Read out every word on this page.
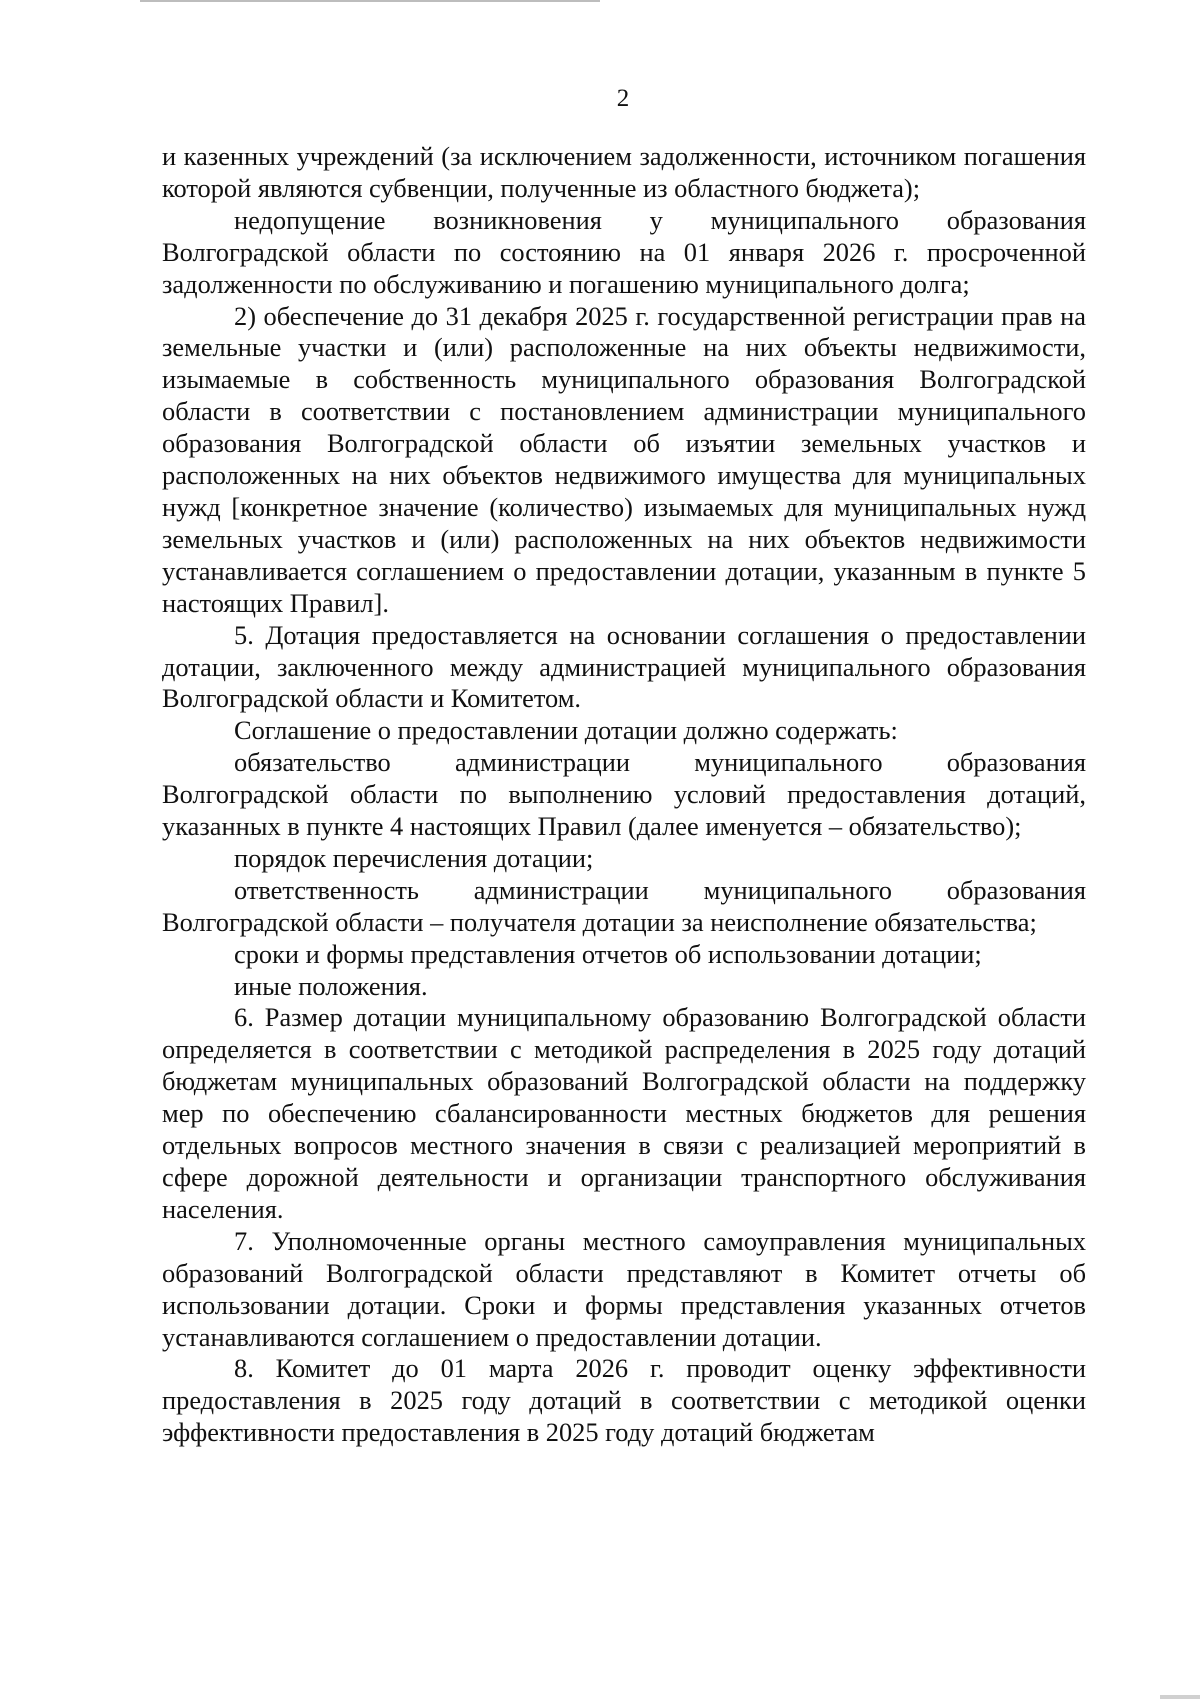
2

и казенных учреждений (за исключением задолженности, источником погашения которой являются субвенции, полученные из областного бюджета);

недопущение возникновения у муниципального образования Волгоградской области по состоянию на 01 января 2026 г. просроченной задолженности по обслуживанию и погашению муниципального долга;

2) обеспечение до 31 декабря 2025 г. государственной регистрации прав на земельные участки и (или) расположенные на них объекты недвижимости, изымаемые в собственность муниципального образования Волгоградской области в соответствии с постановлением администрации муниципального образования Волгоградской области об изъятии земельных участков и расположенных на них объектов недвижимого имущества для муниципальных нужд [конкретное значение (количество) изымаемых для муниципальных нужд земельных участков и (или) расположенных на них объектов недвижимости устанавливается соглашением о предоставлении дотации, указанным в пункте 5 настоящих Правил].

5. Дотация предоставляется на основании соглашения о предоставлении дотации, заключенного между администрацией муниципального образования Волгоградской области и Комитетом.

Соглашение о предоставлении дотации должно содержать:

обязательство администрации муниципального образования Волгоградской области по выполнению условий предоставления дотаций, указанных в пункте 4 настоящих Правил (далее именуется – обязательство);

порядок перечисления дотации;

ответственность администрации муниципального образования Волгоградской области – получателя дотации за неисполнение обязательства;

сроки и формы представления отчетов об использовании дотации;

иные положения.

6. Размер дотации муниципальному образованию Волгоградской области определяется в соответствии с методикой распределения в 2025 году дотаций бюджетам муниципальных образований Волгоградской области на поддержку мер по обеспечению сбалансированности местных бюджетов для решения отдельных вопросов местного значения в связи с реализацией мероприятий в сфере дорожной деятельности и организации транспортного обслуживания населения.

7. Уполномоченные органы местного самоуправления муниципальных образований Волгоградской области представляют в Комитет отчеты об использовании дотации. Сроки и формы представления указанных отчетов устанавливаются соглашением о предоставлении дотации.

8. Комитет до 01 марта 2026 г. проводит оценку эффективности предоставления в 2025 году дотаций в соответствии с методикой оценки эффективности предоставления в 2025 году дотаций бюджетам
